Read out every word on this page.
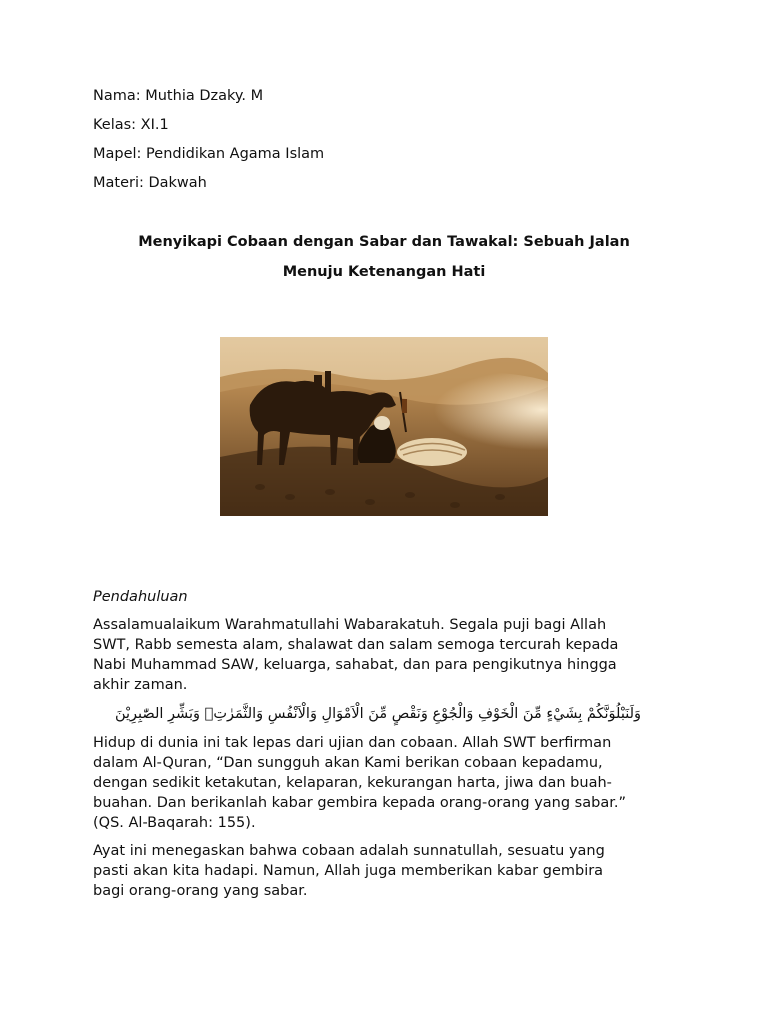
Nama: Muthia Dzaky. M
Kelas: XI.1
Mapel: Pendidikan Agama Islam
Materi: Dakwah
Menyikapi Cobaan dengan Sabar dan Tawakal: Sebuah Jalan
Menuju Ketenangan Hati
Pendahuluan

Assalamualaikum Warahmatullahi Wabarakatuh. Segala puji bagi Allah
SWT, Rabb semesta alam, shalawat dan salam semoga tercurah kepada
Nabi Muhammad SAW, keluarga, sahabat, dan para pengikutnya hingga
akhir zaman.

وَلَنَبْلُوَنَّكُمْ بِشَيْءٍ مِّنَ الْخَوْفِ وَالْجُوْعِ وَنَقْصٍ مِّنَ الْاَمْوَالِ وَالْاَنْفُسِ وَالثَّمَرٰتِۗ وَبَشِّرِ الصّٰبِرِيْنَ

Hidup di dunia ini tak lepas dari ujian dan cobaan. Allah SWT berfirman
dalam Al-Quran, “Dan sungguh akan Kami berikan cobaan kepadamu,
dengan sedikit ketakutan, kelaparan, kekurangan harta, jiwa dan buah-
buahan. Dan berikanlah kabar gembira kepada orang-orang yang sabar.”
(QS. Al-Baqarah: 155).

Ayat ini menegaskan bahwa cobaan adalah sunnatullah, sesuatu yang
pasti akan kita hadapi. Namun, Allah juga memberikan kabar gembira
bagi orang-orang yang sabar.
